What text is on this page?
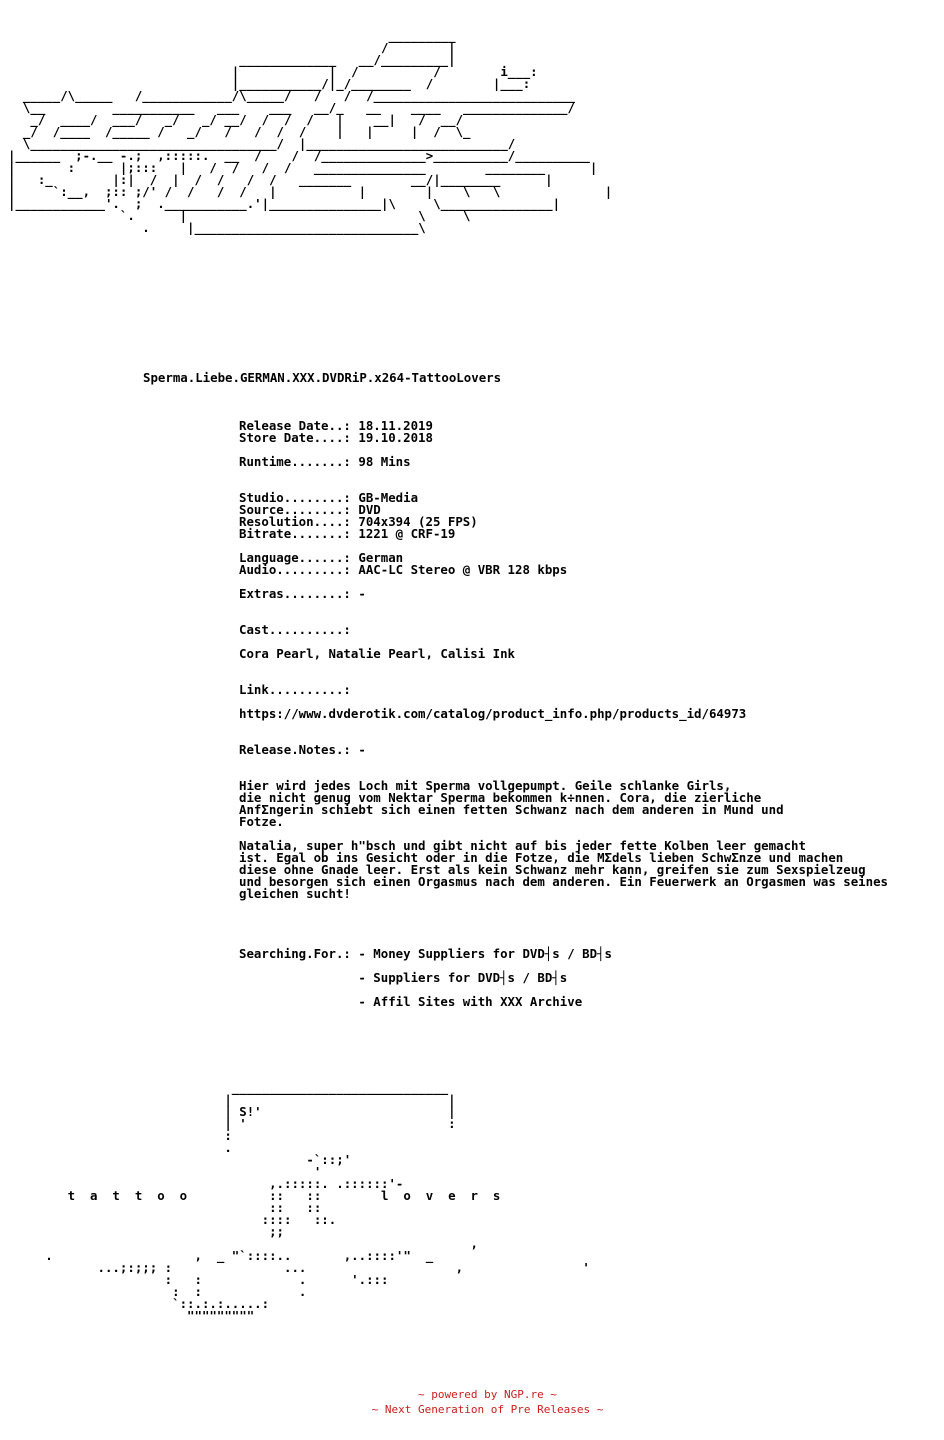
_________
/        |
_____________   __/_________|
|            |  /          /        i___:
|___________/|_/________  /        |___:
_____/\_____   /____________/\_____/   /   /  /___________________________
\__         ___________   ___    ___   __/_   __    ____   ______________/
_/  ____/  ___/   _/   _/ __/  /  /  /   |    __|   /  __/
_/  /____  /_____ /   _/   /   /  /  /    |   |     |  /  \_
\_________________________________/  |___________________________/
|______  ;-.__ -.;  ,:::::.  __  /    /  /______________>__________/__________
|       :      |;:::   |   /  /   /  /   _______________        ________      |
|   :_        |:|  /  |  /  /   /  /   _______        __/|________      |
|     `:__,  ;:: ;/' /  /   /  /   |           |        |    \   \              |
|____________'.  ;  .___________.'|_______________|\     \_______________|
`.      |                               \     \
.     |______________________________\
Sperma.Liebe.GERMAN.XXX.DVDRiP.x264-TattooLovers
Release Date..: 18.11.2019
Store Date....: 19.10.2018

Runtime.......: 98 Mins

Studio........: GB-Media
Source........: DVD
Resolution....: 704x394 (25 FPS)
Bitrate.......: 1221 @ CRF-19

Language......: German
Audio.........: AAC-LC Stereo @ VBR 128 kbps

Extras........: -

Cast..........:

Cora Pearl, Natalie Pearl, Calisi Ink

Link..........:

https://www.dvderotik.com/catalog/product_info.php/products_id/64973

Release.Notes.: -

Hier wird jedes Loch mit Sperma vollgepumpt. Geile schlanke Girls,
die nicht genug vom Nektar Sperma bekommen k÷nnen. Cora, die zierliche
AnfΣngerin schiebt sich einen fetten Schwanz nach dem anderen in Mund und
Fotze.

Natalia, super h"bsch und gibt nicht auf bis jeder fette Kolben leer gemacht
ist. Egal ob ins Gesicht oder in die Fotze, die MΣdels lieben SchwΣnze und machen
diese ohne Gnade leer. Erst als kein Schwanz mehr kann, greifen sie zum Sexspielzeug
und besorgen sich einen Orgasmus nach dem anderen. Ein Feuerwerk an Orgasmen was seines
gleichen sucht!

Searching.For.: - Money Suppliers for DVD┤s / BD┤s

- Suppliers for DVD┤s / BD┤s

- Affil Sites with XXX Archive
_____________________________
|                             |
| S!'                         |
| '                           :
:
.
-`::;'
'
,.:::::. .::::::'-
t  a  t  t  o  o           ::   ::        l  o  v  e  r  s
::   ::
::::   ::.
;;
,
.                   ,  _ "`::::..       ,..::::'"  _
...;:;;; :               ...                    ,                '
:   :             .      '.:::
:  :             .
`::.:.:.....:
"""""""""
~ powered by NGP.re ~
~ Next Generation of Pre Releases ~
